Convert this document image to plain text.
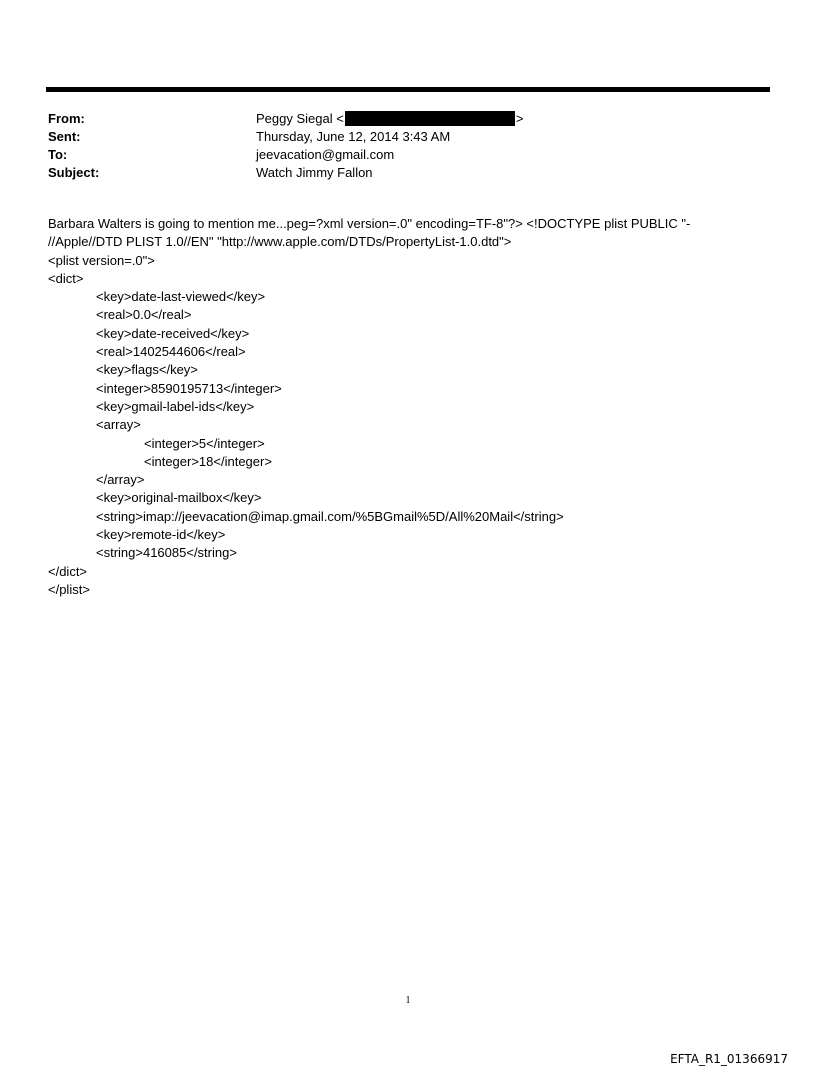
From:	Peggy Siegal <	>
Sent:	Thursday, June 12, 2014 3:43 AM
To:	jeevacation@gmail.com
Subject:	Watch Jimmy Fallon
Barbara Walters is going to mention me...peg=?xml version=.0" encoding=TF-8"?> <!DOCTYPE plist PUBLIC "-
//Apple//DTD PLIST 1.0//EN" "http://www.apple.com/DTDs/PropertyList-1.0.dtd">
<plist version=.0">
<dict>
<key>date-last-viewed</key>
<real>0.0</real>
<key>date-received</key>
<real>1402544606</real>
<key>flags</key>
<integer>8590195713</integer>
<key>gmail-label-ids</key>
<array>
<integer>5</integer>
<integer>18</integer>
</array>
<key>original-mailbox</key>
<string>imap://jeevacation@imap.gmail.com/%5BGmail%5D/All%20Mail</string>
<key>remote-id</key>
<string>416085</string>
</dict>
</plist>
1
EFTA_R1_01366917
